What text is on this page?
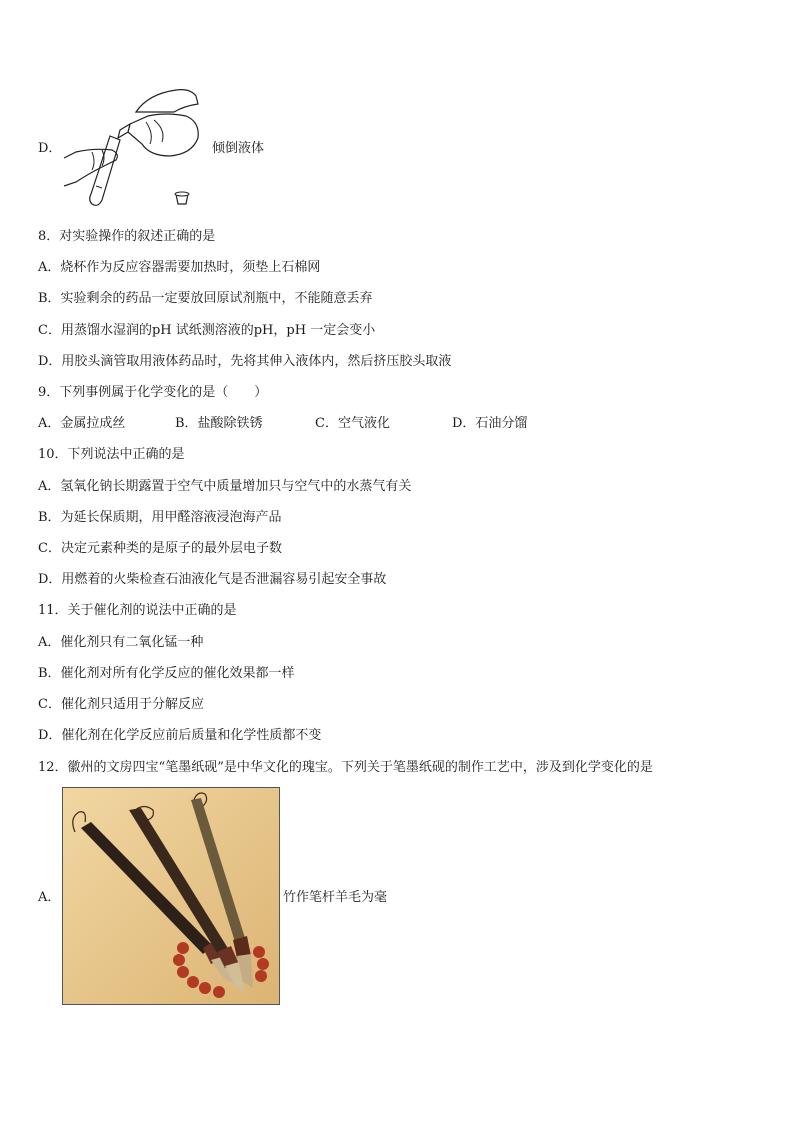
D．	倾倒液体
8．对实验操作的叙述正确的是
A．烧杯作为反应容器需要加热时，须垫上石棉网
B．实验剩余的药品一定要放回原试剂瓶中，不能随意丢弃
C．用蒸馏水湿润的pH 试纸测溶液的pH，pH 一定会变小
D．用胶头滴管取用液体药品时，先将其伸入液体内，然后挤压胶头取液
9．下列事例属于化学变化的是（　　）
A．金属拉成丝	B．盐酸除铁锈	C．空气液化	D．石油分馏
10．下列说法中正确的是
A．氢氧化钠长期露置于空气中质量增加只与空气中的水蒸气有关
B．为延长保质期，用甲醛溶液浸泡海产品
C．决定元素种类的是原子的最外层电子数
D．用燃着的火柴检查石油液化气是否泄漏容易引起安全事故
11．关于催化剂的说法中正确的是
A．催化剂只有二氧化锰一种
B．催化剂对所有化学反应的催化效果都一样
C．催化剂只适用于分解反应
D．催化剂在化学反应前后质量和化学性质都不变
12．徽州的文房四宝“笔墨纸砚”是中华文化的瑰宝。下列关于笔墨纸砚的制作工艺中，涉及到化学变化的是
A．	竹作笔杆羊毛为毫
